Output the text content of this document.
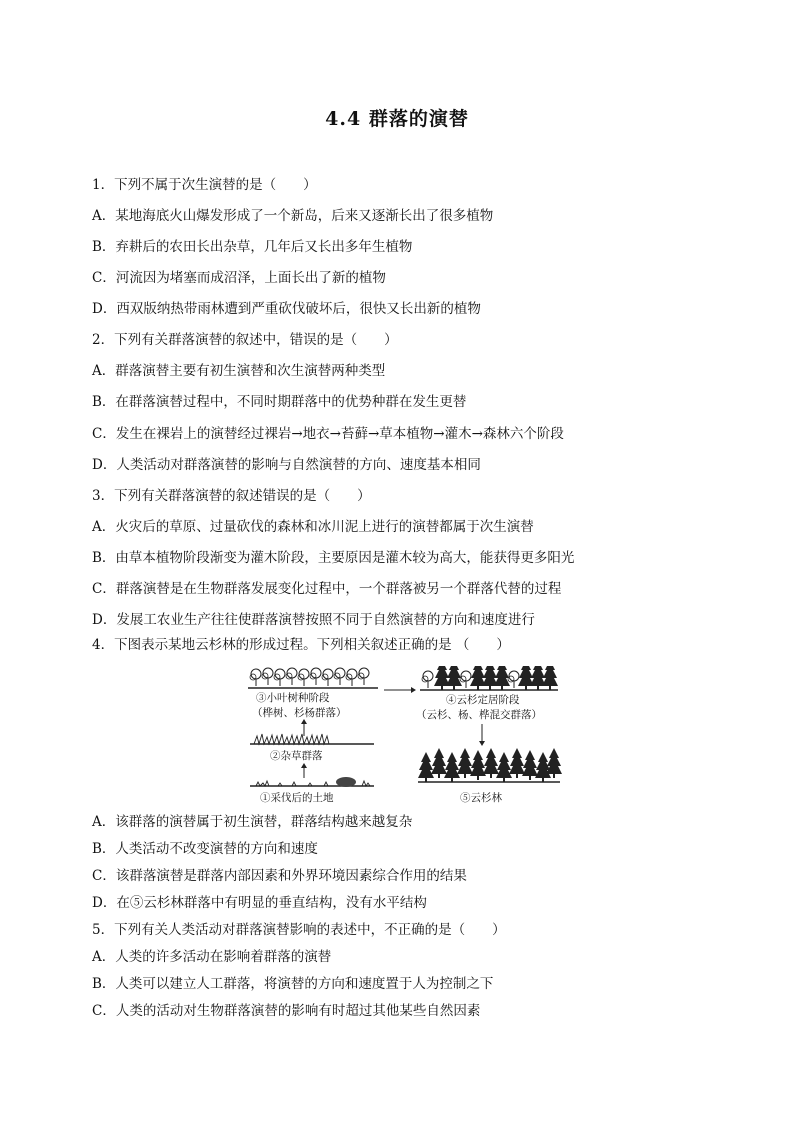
4.4 群落的演替
1．下列不属于次生演替的是（　　）
A．某地海底火山爆发形成了一个新岛，后来又逐渐长出了很多植物
B．弃耕后的农田长出杂草，几年后又长出多年生植物
C．河流因为堵塞而成沼泽，上面长出了新的植物
D．西双版纳热带雨林遭到严重砍伐破坏后，很快又长出新的植物
2．下列有关群落演替的叙述中，错误的是（　　）
A．群落演替主要有初生演替和次生演替两种类型
B．在群落演替过程中，不同时期群落中的优势种群在发生更替
C．发生在裸岩上的演替经过裸岩→地衣→苔藓→草本植物→灌木→森林六个阶段
D．人类活动对群落演替的影响与自然演替的方向、速度基本相同
3．下列有关群落演替的叙述错误的是（　　）
A．火灾后的草原、过量砍伐的森林和冰川泥上进行的演替都属于次生演替
B．由草本植物阶段渐变为灌木阶段，主要原因是灌木较为高大，能获得更多阳光
C．群落演替是在生物群落发展变化过程中，一个群落被另一个群落代替的过程
D．发展工农业生产往往使群落演替按照不同于自然演替的方向和速度进行
4．下图表示某地云杉林的形成过程。下列相关叙述正确的是 （　　）
③小叶树种阶段
（桦树、杉杨群落）
②杂草群落
①采伐后的土地
④云杉定居阶段
（云杉、杨、桦混交群落）
⑤云杉林
A．该群落的演替属于初生演替，群落结构越来越复杂
B．人类活动不改变演替的方向和速度
C．该群落演替是群落内部因素和外界环境因素综合作用的结果
D．在⑤云杉林群落中有明显的垂直结构，没有水平结构
5．下列有关人类活动对群落演替影响的表述中，不正确的是（　　）
A．人类的许多活动在影响着群落的演替
B．人类可以建立人工群落，将演替的方向和速度置于人为控制之下
C．人类的活动对生物群落演替的影响有时超过其他某些自然因素
